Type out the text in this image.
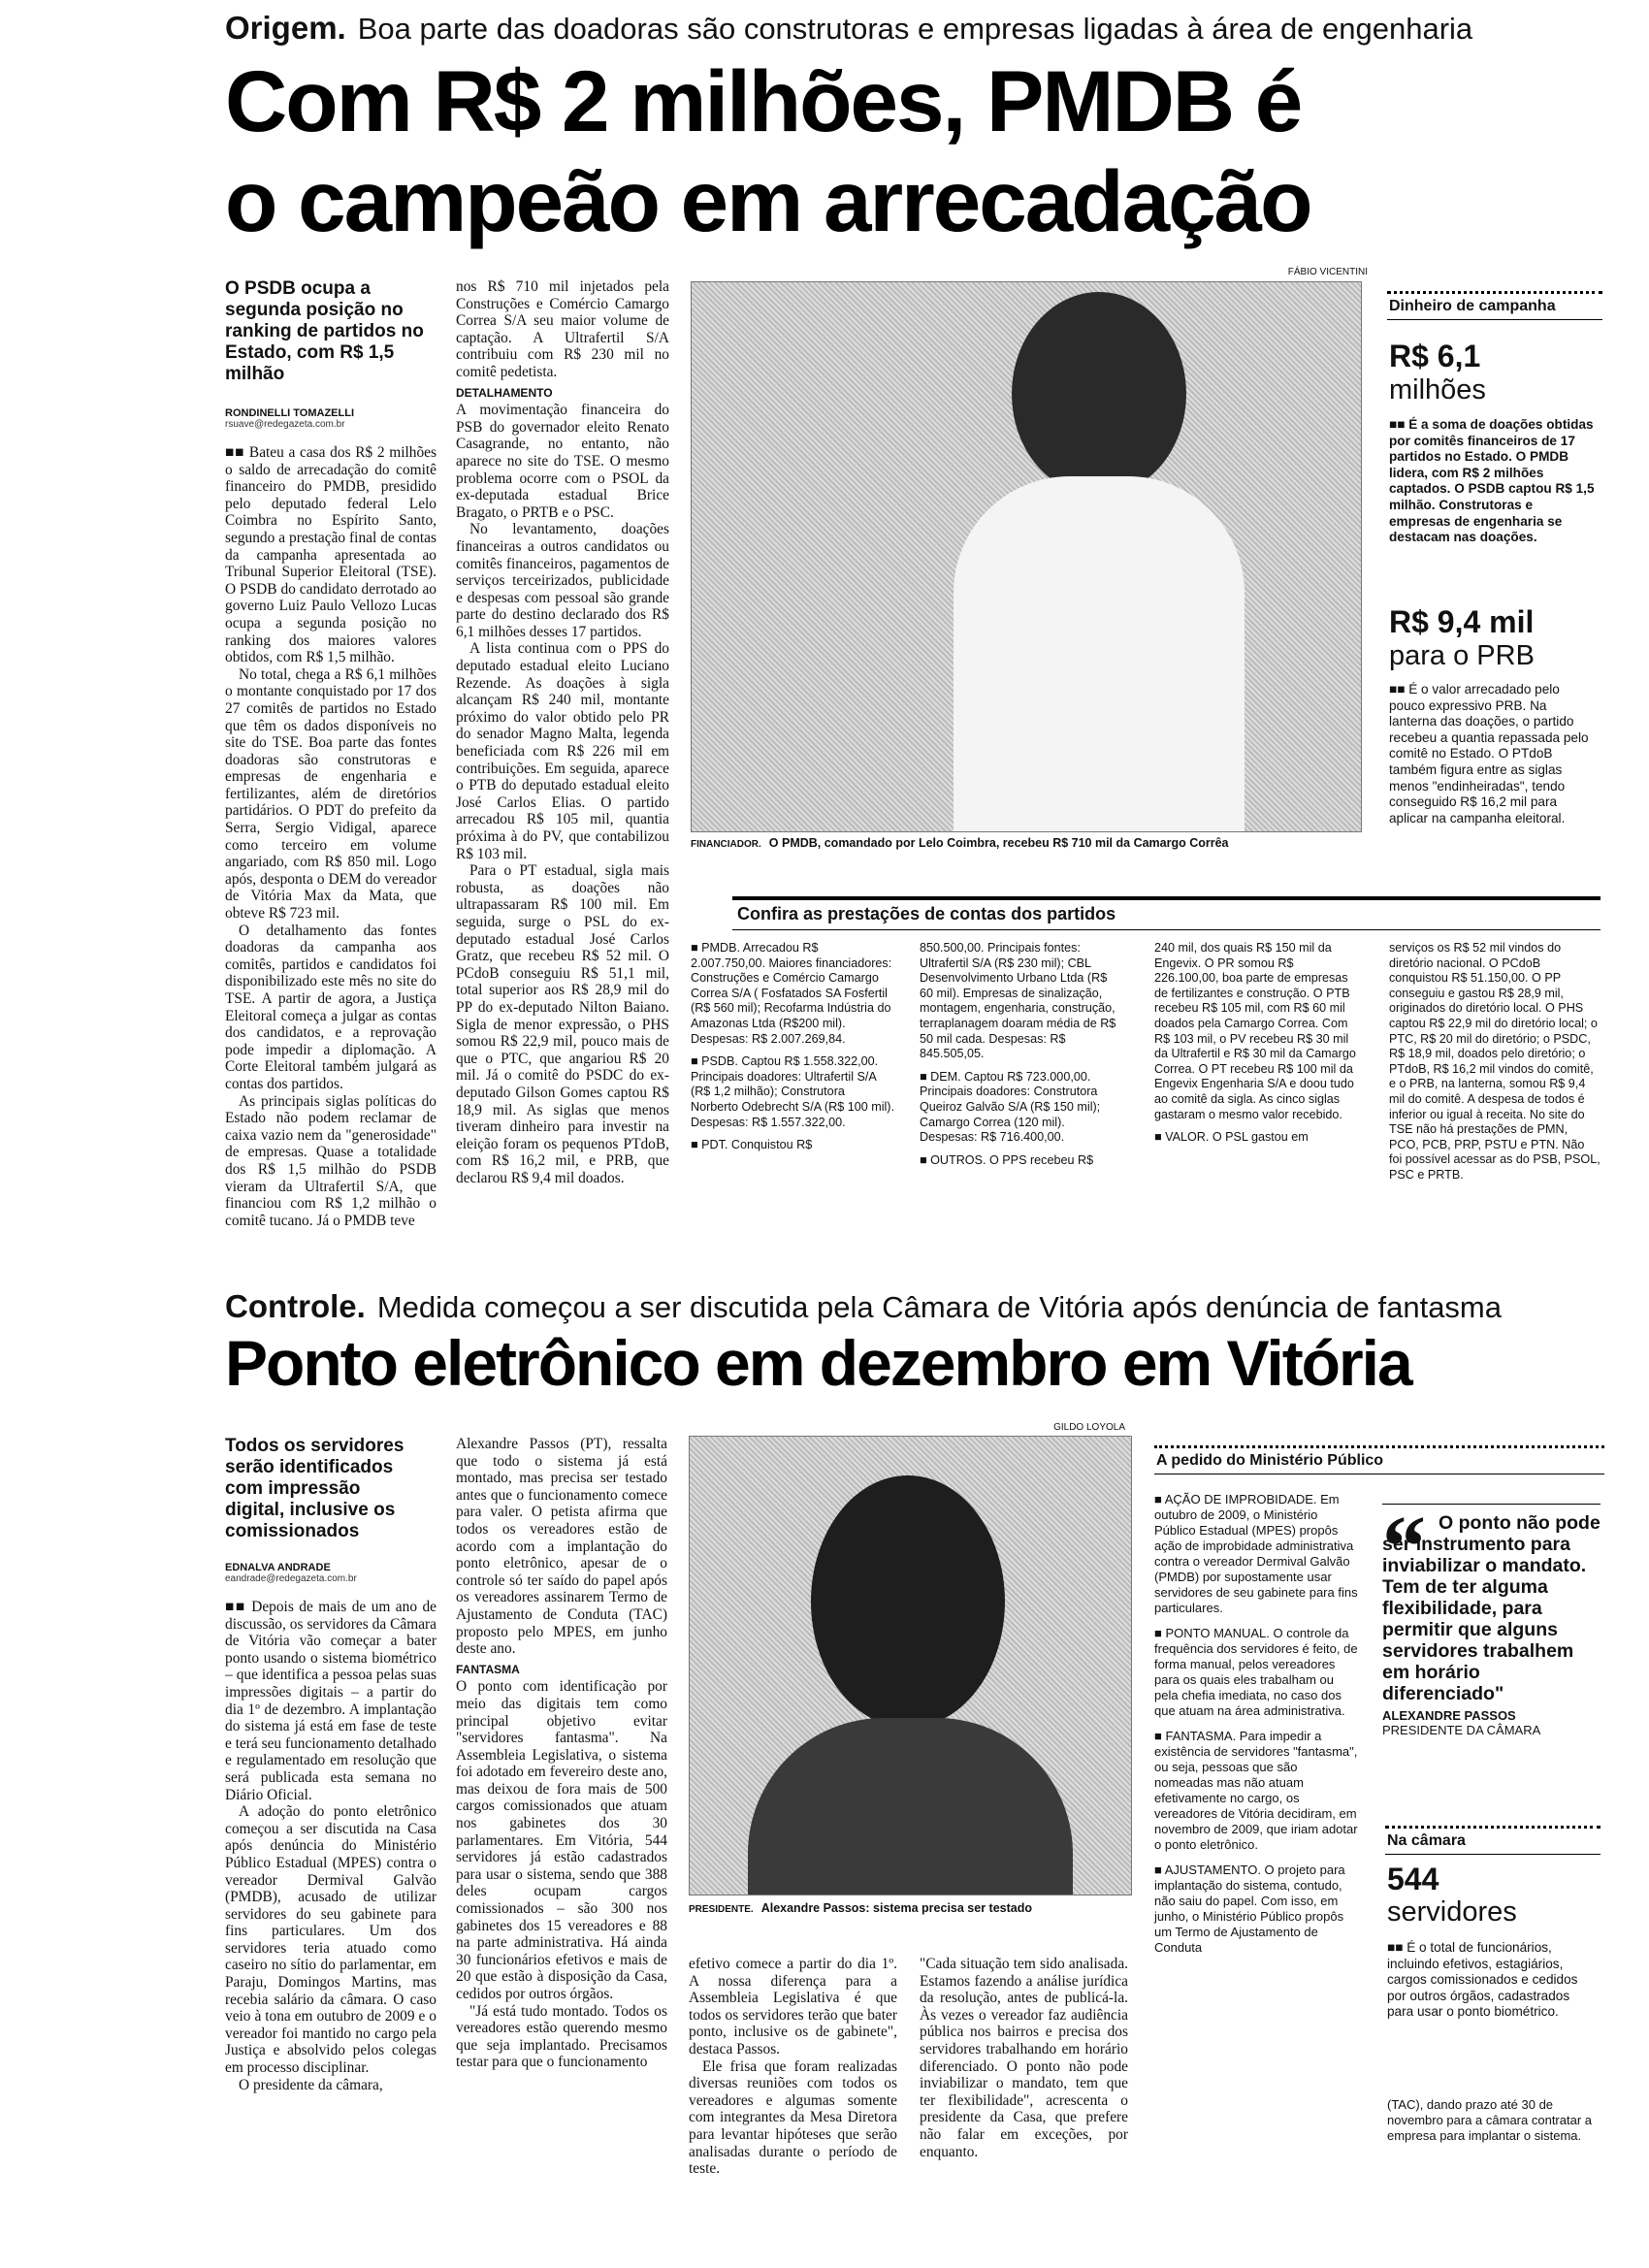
Origem. Boa parte das doadoras são construtoras e empresas ligadas à área de engenharia
Com R$ 2 milhões, PMDB é
o campeão em arrecadação
O PSDB ocupa a segunda posição no ranking de partidos no Estado, com R$ 1,5 milhão
RONDINELLI TOMAZELLI
rsuave@redegazeta.com.br

■■ Bateu a casa dos R$ 2 milhões o saldo de arrecadação do comitê financeiro do PMDB, presidido pelo deputado federal Lelo Coimbra no Espírito Santo, segundo a prestação final de contas da campanha apresentada ao Tribunal Superior Eleitoral (TSE). O PSDB do candidato derrotado ao governo Luiz Paulo Vellozo Lucas ocupa a segunda posição no ranking dos maiores valores obtidos, com R$ 1,5 milhão.

No total, chega a R$ 6,1 milhões o montante conquistado por 17 dos 27 comitês de partidos no Estado que têm os dados disponíveis no site do TSE. Boa parte das fontes doadoras são construtoras e empresas de engenharia e fertilizantes, além de diretórios partidários. O PDT do prefeito da Serra, Sergio Vidigal, aparece como terceiro em volume angariado, com R$ 850 mil. Logo após, desponta o DEM do vereador de Vitória Max da Mata, que obteve R$ 723 mil.

O detalhamento das fontes doadoras da campanha aos comitês, partidos e candidatos foi disponibilizado este mês no site do TSE. A partir de agora, a Justiça Eleitoral começa a julgar as contas dos candidatos, e a reprovação pode impedir a diplomação. A Corte Eleitoral também julgará as contas dos partidos.

As principais siglas políticas do Estado não podem reclamar de caixa vazio nem da "generosidade" de empresas. Quase a totalidade dos R$ 1,5 milhão do PSDB vieram da Ultrafertil S/A, que financiou com R$ 1,2 milhão o comitê tucano. Já o PMDB teve

nos R$ 710 mil injetados pela Construções e Comércio Camargo Correa S/A seu maior volume de captação. A Ultrafertil S/A contribuiu com R$ 230 mil no comitê pedetista.

DETALHAMENTO

A movimentação financeira do PSB do governador eleito Renato Casagrande, no entanto, não aparece no site do TSE. O mesmo problema ocorre com o PSOL da ex-deputada estadual Brice Bragato, o PRTB e o PSC.

No levantamento, doações financeiras a outros candidatos ou comitês financeiros, pagamentos de serviços terceirizados, publicidade e despesas com pessoal são grande parte do destino declarado dos R$ 6,1 milhões desses 17 partidos.

A lista continua com o PPS do deputado estadual eleito Luciano Rezende. As doações à sigla alcançam R$ 240 mil, montante próximo do valor obtido pelo PR do senador Magno Malta, legenda beneficiada com R$ 226 mil em contribuições. Em seguida, aparece o PTB do deputado estadual eleito José Carlos Elias. O partido arrecadou R$ 105 mil, quantia próxima à do PV, que contabilizou R$ 103 mil.

Para o PT estadual, sigla mais robusta, as doações não ultrapassaram R$ 100 mil. Em seguida, surge o PSL do ex-deputado estadual José Carlos Gratz, que recebeu R$ 52 mil. O PCdoB conseguiu R$ 51,1 mil, total superior aos R$ 28,9 mil do PP do ex-deputado Nilton Baiano. Sigla de menor expressão, o PHS somou R$ 22,9 mil, pouco mais de que o PTC, que angariou R$ 20 mil. Já o comitê do PSDC do ex-deputado Gilson Gomes captou R$ 18,9 mil. As siglas que menos tiveram dinheiro para investir na eleição foram os pequenos PTdoB, com R$ 16,2 mil, e PRB, que declarou R$ 9,4 mil doados.

FÁBIO VICENTINI
FINANCIADOR. O PMDB, comandado por Lelo Coimbra, recebeu R$ 710 mil da Camargo Corrêa
Dinheiro de campanha
R$ 6,1
milhões
■■ É a soma de doações obtidas por comitês financeiros de 17 partidos no Estado. O PMDB lidera, com R$ 2 milhões captados. O PSDB captou R$ 1,5 milhão. Construtoras e empresas de engenharia se destacam nas doações.
R$ 9,4 mil
para o PRB
■■ É o valor arrecadado pelo pouco expressivo PRB. Na lanterna das doações, o partido recebeu a quantia repassada pelo comitê no Estado. O PTdoB também figura entre as siglas menos "endinheiradas", tendo conseguido R$ 16,2 mil para aplicar na campanha eleitoral.
Confira as prestações de contas dos partidos
■ PMDB. Arrecadou R$ 2.007.750,00. Maiores financiadores: Construções e Comércio Camargo Correa S/A ( Fosfatados SA Fosfertil (R$ 560 mil); Recofarma Indústria do Amazonas Ltda (R$200 mil). Despesas: R$ 2.007.269,84.
■ PSDB. Captou R$ 1.558.322,00. Principais doadores: Ultrafertil S/A (R$ 1,2 milhão); Construtora Norberto Odebrecht S/A (R$ 100 mil). Despesas: R$ 1.557.322,00.
■ PDT. Conquistou R$
850.500,00. Principais fontes: Ultrafertil S/A (R$ 230 mil); CBL Desenvolvimento Urbano Ltda (R$ 60 mil). Empresas de sinalização, montagem, engenharia, construção, terraplanagem doaram média de R$ 50 mil cada. Despesas: R$ 845.505,05.
■ DEM. Captou R$ 723.000,00. Principais doadores: Construtora Queiroz Galvão S/A (R$ 150 mil); Camargo Correa (120 mil). Despesas: R$ 716.400,00.
■ OUTROS. O PPS recebeu R$
240 mil, dos quais R$ 150 mil da Engevix. O PR somou R$ 226.100,00, boa parte de empresas de fertilizantes e construção. O PTB recebeu R$ 105 mil, com R$ 60 mil doados pela Camargo Correa. Com R$ 103 mil, o PV recebeu R$ 30 mil da Ultrafertil e R$ 30 mil da Camargo Correa. O PT recebeu R$ 100 mil da Engevix Engenharia S/A e doou tudo ao comitê da sigla. As cinco siglas gastaram o mesmo valor recebido.
■ VALOR. O PSL gastou em
serviços os R$ 52 mil vindos do diretório nacional. O PCdoB conquistou R$ 51.150,00. O PP conseguiu e gastou R$ 28,9 mil, originados do diretório local. O PHS captou R$ 22,9 mil do diretório local; o PTC, R$ 20 mil do diretório; o PSDC, R$ 18,9 mil, doados pelo diretório; o PTdoB, R$ 16,2 mil vindos do comitê, e o PRB, na lanterna, somou R$ 9,4 mil do comitê. A despesa de todos é inferior ou igual à receita. No site do TSE não há prestações de PMN, PCO, PCB, PRP, PSTU e PTN. Não foi possível acessar as do PSB, PSOL, PSC e PRTB.
Controle. Medida começou a ser discutida pela Câmara de Vitória após denúncia de fantasma
Ponto eletrônico em dezembro em Vitória
Todos os servidores serão identificados com impressão digital, inclusive os comissionados
EDNALVA ANDRADE
eandrade@redegazeta.com.br

■■ Depois de mais de um ano de discussão, os servidores da Câmara de Vitória vão começar a bater ponto usando o sistema biométrico – que identifica a pessoa pelas suas impressões digitais – a partir do dia 1º de dezembro. A implantação do sistema já está em fase de teste e terá seu funcionamento detalhado e regulamentado em resolução que será publicada esta semana no Diário Oficial.

A adoção do ponto eletrônico começou a ser discutida na Casa após denúncia do Ministério Público Estadual (MPES) contra o vereador Dermival Galvão (PMDB), acusado de utilizar servidores do seu gabinete para fins particulares. Um dos servidores teria atuado como caseiro no sítio do parlamentar, em Paraju, Domingos Martins, mas recebia salário da câmara. O caso veio à tona em outubro de 2009 e o vereador foi mantido no cargo pela Justiça e absolvido pelos colegas em processo disciplinar.

O presidente da câmara,

Alexandre Passos (PT), ressalta que todo o sistema já está montado, mas precisa ser testado antes que o funcionamento comece para valer. O petista afirma que todos os vereadores estão de acordo com a implantação do ponto eletrônico, apesar de o controle só ter saído do papel após os vereadores assinarem Termo de Ajustamento de Conduta (TAC) proposto pelo MPES, em junho deste ano.

FANTASMA

O ponto com identificação por meio das digitais tem como principal objetivo evitar "servidores fantasma". Na Assembleia Legislativa, o sistema foi adotado em fevereiro deste ano, mas deixou de fora mais de 500 cargos comissionados que atuam nos gabinetes dos 30 parlamentares. Em Vitória, 544 servidores já estão cadastrados para usar o sistema, sendo que 388 deles ocupam cargos comissionados – são 300 nos gabinetes dos 15 vereadores e 88 na parte administrativa. Há ainda 30 funcionários efetivos e mais de 20 que estão à disposição da Casa, cedidos por outros órgãos.

"Já está tudo montado. Todos os vereadores estão querendo mesmo que seja implantado. Precisamos testar para que o funcionamento

GILDO LOYOLA
PRESIDENTE. Alexandre Passos: sistema precisa ser testado

efetivo comece a partir do dia 1º. A nossa diferença para a Assembleia Legislativa é que todos os servidores terão que bater ponto, inclusive os de gabinete", destaca Passos.

Ele frisa que foram realizadas diversas reuniões com todos os vereadores e algumas somente com integrantes da Mesa Diretora para levantar hipóteses que serão analisadas durante o período de teste.

"Cada situação tem sido analisada. Estamos fazendo a análise jurídica da resolução, antes de publicá-la. Às vezes o vereador faz audiência pública nos bairros e precisa dos servidores trabalhando em horário diferenciado. O ponto não pode inviabilizar o mandato, tem que ter flexibilidade", acrescenta o presidente da Casa, que prefere não falar em exceções, por enquanto.

A pedido do Ministério Público
■ AÇÃO DE IMPROBIDADE. Em outubro de 2009, o Ministério Público Estadual (MPES) propôs ação de improbidade administrativa contra o vereador Dermival Galvão (PMDB) por supostamente usar servidores de seu gabinete para fins particulares.
■ PONTO MANUAL. O controle da frequência dos servidores é feito, de forma manual, pelos vereadores para os quais eles trabalham ou pela chefia imediata, no caso dos que atuam na área administrativa.
■ FANTASMA. Para impedir a existência de servidores "fantasma", ou seja, pessoas que são nomeadas mas não atuam efetivamente no cargo, os vereadores de Vitória decidiram, em novembro de 2009, que iriam adotar o ponto eletrônico.
■ AJUSTAMENTO. O projeto para implantação do sistema, contudo, não saiu do papel. Com isso, em junho, o Ministério Público propôs um Termo de Ajustamento de Conduta
“ O ponto não pode ser instrumento para inviabilizar o mandato. Tem de ter alguma flexibilidade, para permitir que alguns servidores trabalhem em horário diferenciado"
ALEXANDRE PASSOS
PRESIDENTE DA CÂMARA
Na câmara
544
servidores
■■ É o total de funcionários, incluindo efetivos, estagiários, cargos comissionados e cedidos por outros órgãos, cadastrados para usar o ponto biométrico.
(TAC), dando prazo até 30 de novembro para a câmara contratar a empresa para implantar o sistema.
